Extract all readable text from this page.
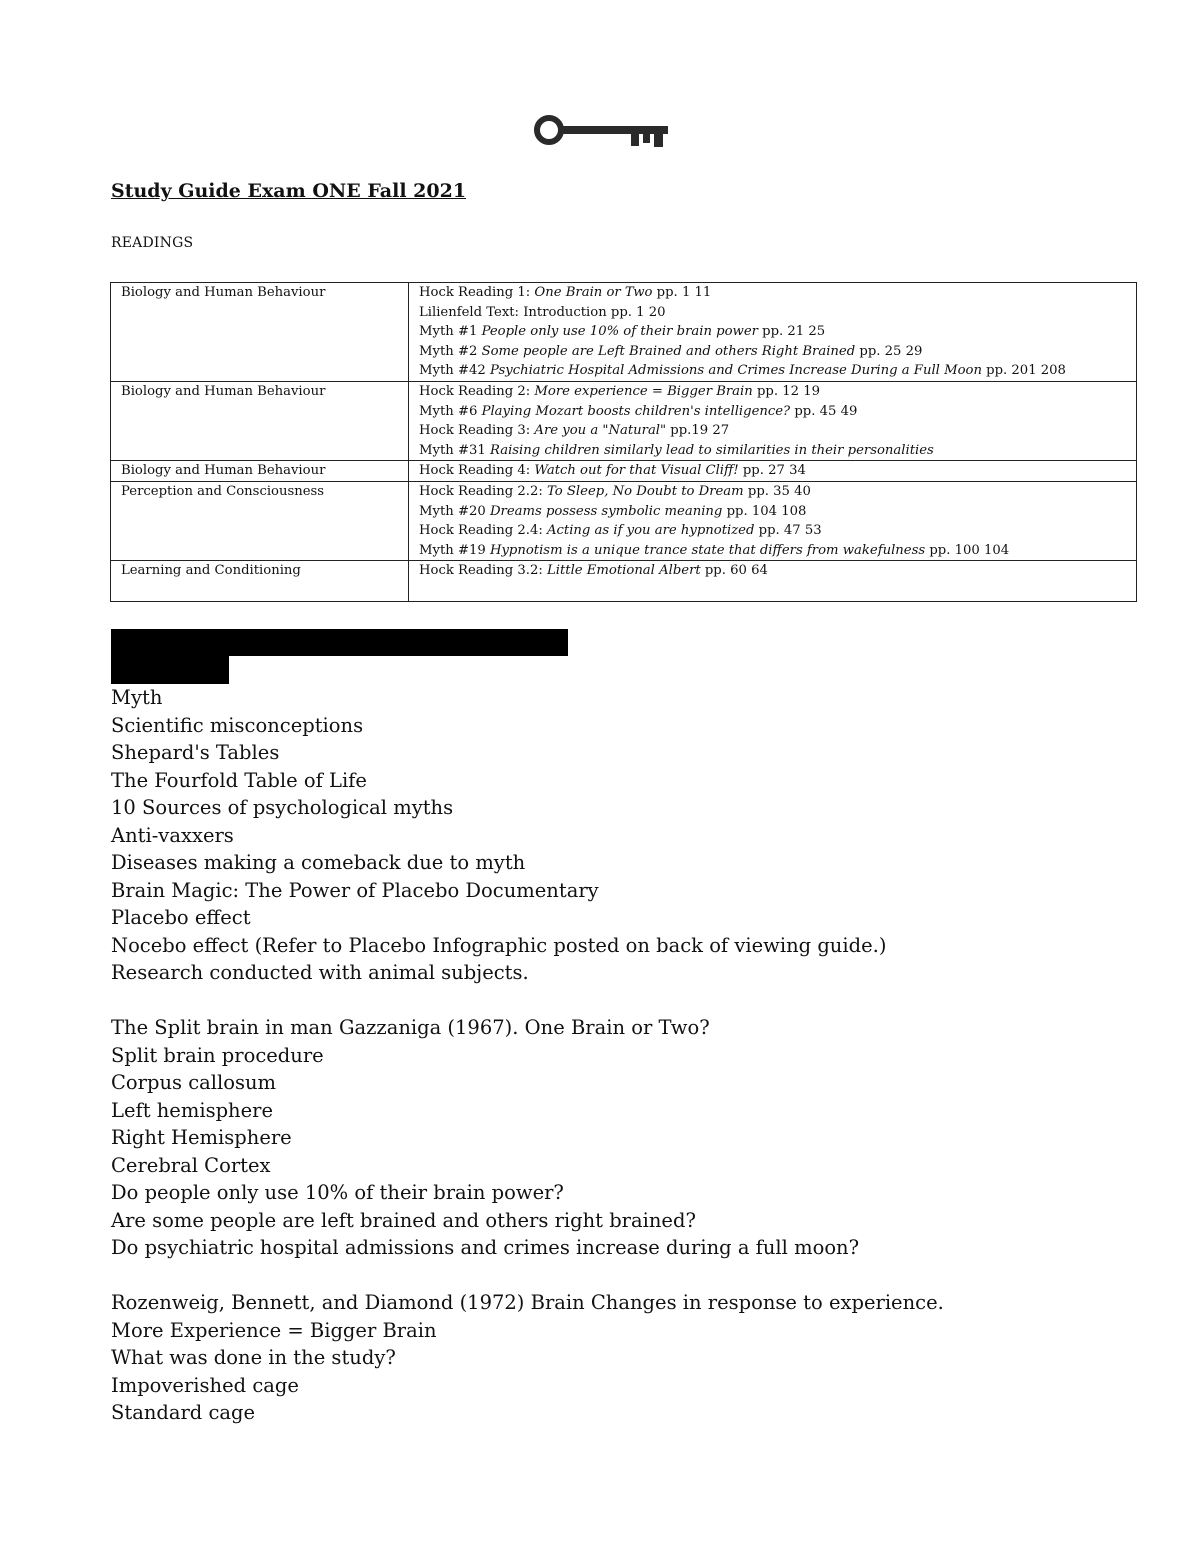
Study Guide Exam ONE Fall 2021
READINGS
Biology and Human Behaviour	Hock Reading 1: One Brain or Two pp. 1 11
Lilienfeld Text: Introduction pp. 1 20
Myth #1 People only use 10% of their brain power pp. 21 25
Myth #2 Some people are Left Brained and others Right Brained pp. 25 29
Myth #42 Psychiatric Hospital Admissions and Crimes Increase During a Full Moon pp. 201 208

Biology and Human Behaviour	Hock Reading 2: More experience = Bigger Brain pp. 12 19
Myth #6 Playing Mozart boosts children's intelligence? pp. 45 49
Hock Reading 3: Are you a "Natural" pp.19 27
Myth #31 Raising children similarly lead to similarities in their personalities

Biology and Human Behaviour	Hock Reading 4: Watch out for that Visual Cliff! pp. 27 34

Perception and Consciousness	Hock Reading 2.2: To Sleep, No Doubt to Dream pp. 35 40
Myth #20 Dreams possess symbolic meaning pp. 104 108
Hock Reading 2.4: Acting as if you are hypnotized pp. 47 53
Myth #19 Hypnotism is a unique trance state that differs from wakefulness pp. 100 104

Learning and Conditioning	Hock Reading 3.2: Little Emotional Albert pp. 60 64
Myth
Scientific misconceptions
Shepard's Tables
The Fourfold Table of Life
10 Sources of psychological myths
Anti-vaxxers
Diseases making a comeback due to myth
Brain Magic: The Power of Placebo Documentary
Placebo effect
Nocebo effect (Refer to Placebo Infographic posted on back of viewing guide.)
Research conducted with animal subjects.
The Split brain in man Gazzaniga (1967). One Brain or Two?
Split brain procedure
Corpus callosum
Left hemisphere
Right Hemisphere
Cerebral Cortex
Do people only use 10% of their brain power?
Are some people are left brained and others right brained?
Do psychiatric hospital admissions and crimes increase during a full moon?
Rozenweig, Bennett, and Diamond (1972) Brain Changes in response to experience.
More Experience = Bigger Brain
What was done in the study?
Impoverished cage
Standard cage
